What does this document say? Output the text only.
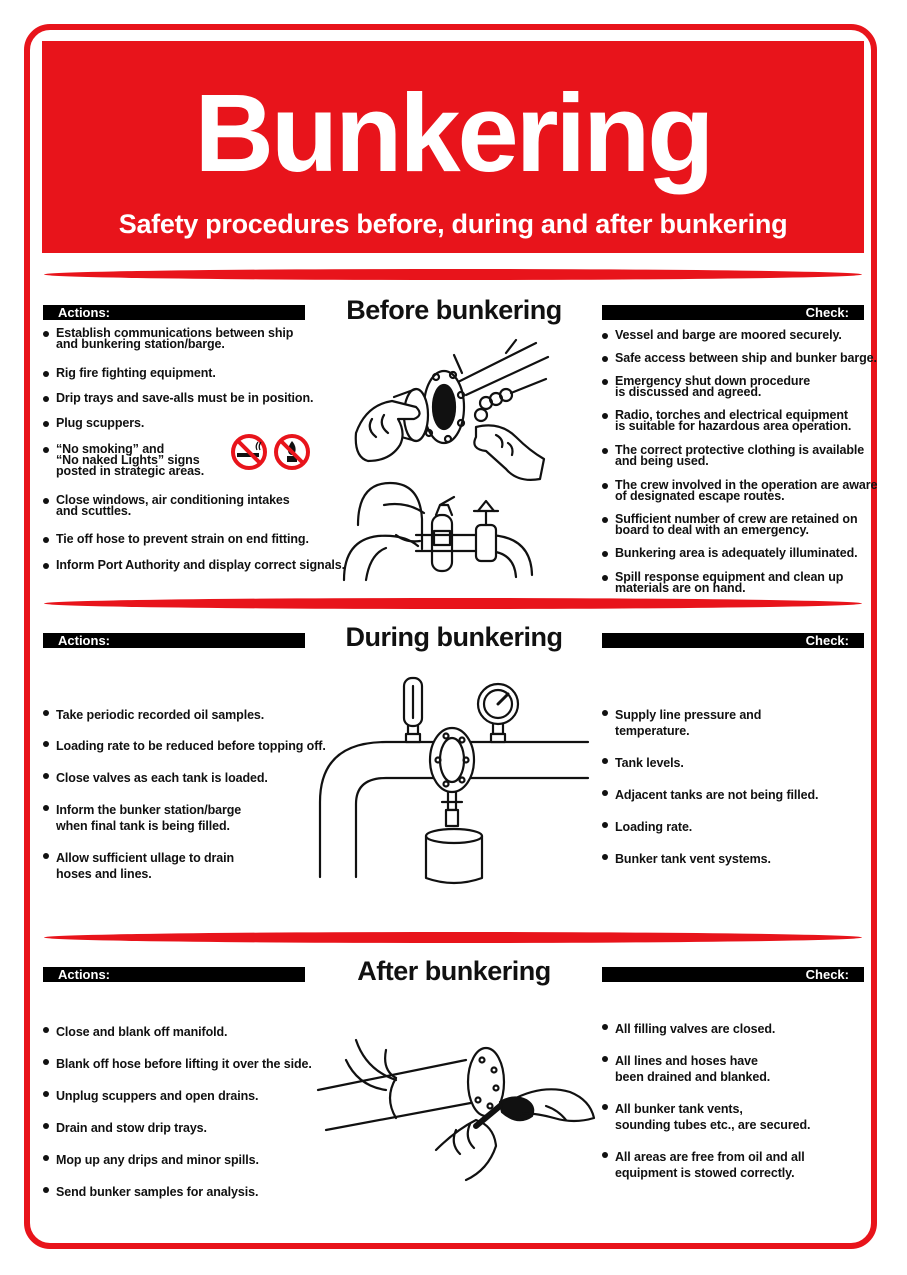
Bunkering
Safety procedures before, during and after bunkering
Before bunkering
Actions:	Check:
Establish communications between ship
and bunkering station/barge.
Rig fire fighting equipment.
Drip trays and save-alls must be in position.
Plug scuppers.
“No smoking” and
“No naked Lights” signs
posted in strategic areas.
Close windows, air conditioning intakes
and scuttles.
Tie off hose to prevent strain on end fitting.
Inform Port Authority and display correct signals.
Vessel and barge are moored securely.
Safe access between ship and bunker barge.
Emergency shut down procedure
is discussed and agreed.
Radio, torches and electrical equipment
is suitable for hazardous area operation.
The correct protective clothing is available
and being used.
The crew involved in the operation are aware
of designated escape routes.
Sufficient number of crew are retained on
board to deal with an emergency.
Bunkering area is adequately illuminated.
Spill response equipment and clean up
materials are on hand.
During bunkering
Actions:	Check:
Take periodic recorded oil samples.
Loading rate to be reduced before topping off.
Close valves as each tank is loaded.
Inform the bunker station/barge
when final tank is being filled.
Allow sufficient ullage to drain
hoses and lines.
Supply line pressure and
temperature.
Tank levels.
Adjacent tanks are not being filled.
Loading rate.
Bunker tank vent systems.
After bunkering
Actions:	Check:
Close and blank off manifold.
Blank off hose before lifting it over the side.
Unplug scuppers and open drains.
Drain and stow drip trays.
Mop up any drips and minor spills.
Send bunker samples for analysis.
All filling valves are closed.
All lines and hoses have
been drained and blanked.
All bunker tank vents,
sounding tubes etc., are secured.
All areas are free from oil and all
equipment is stowed correctly.
